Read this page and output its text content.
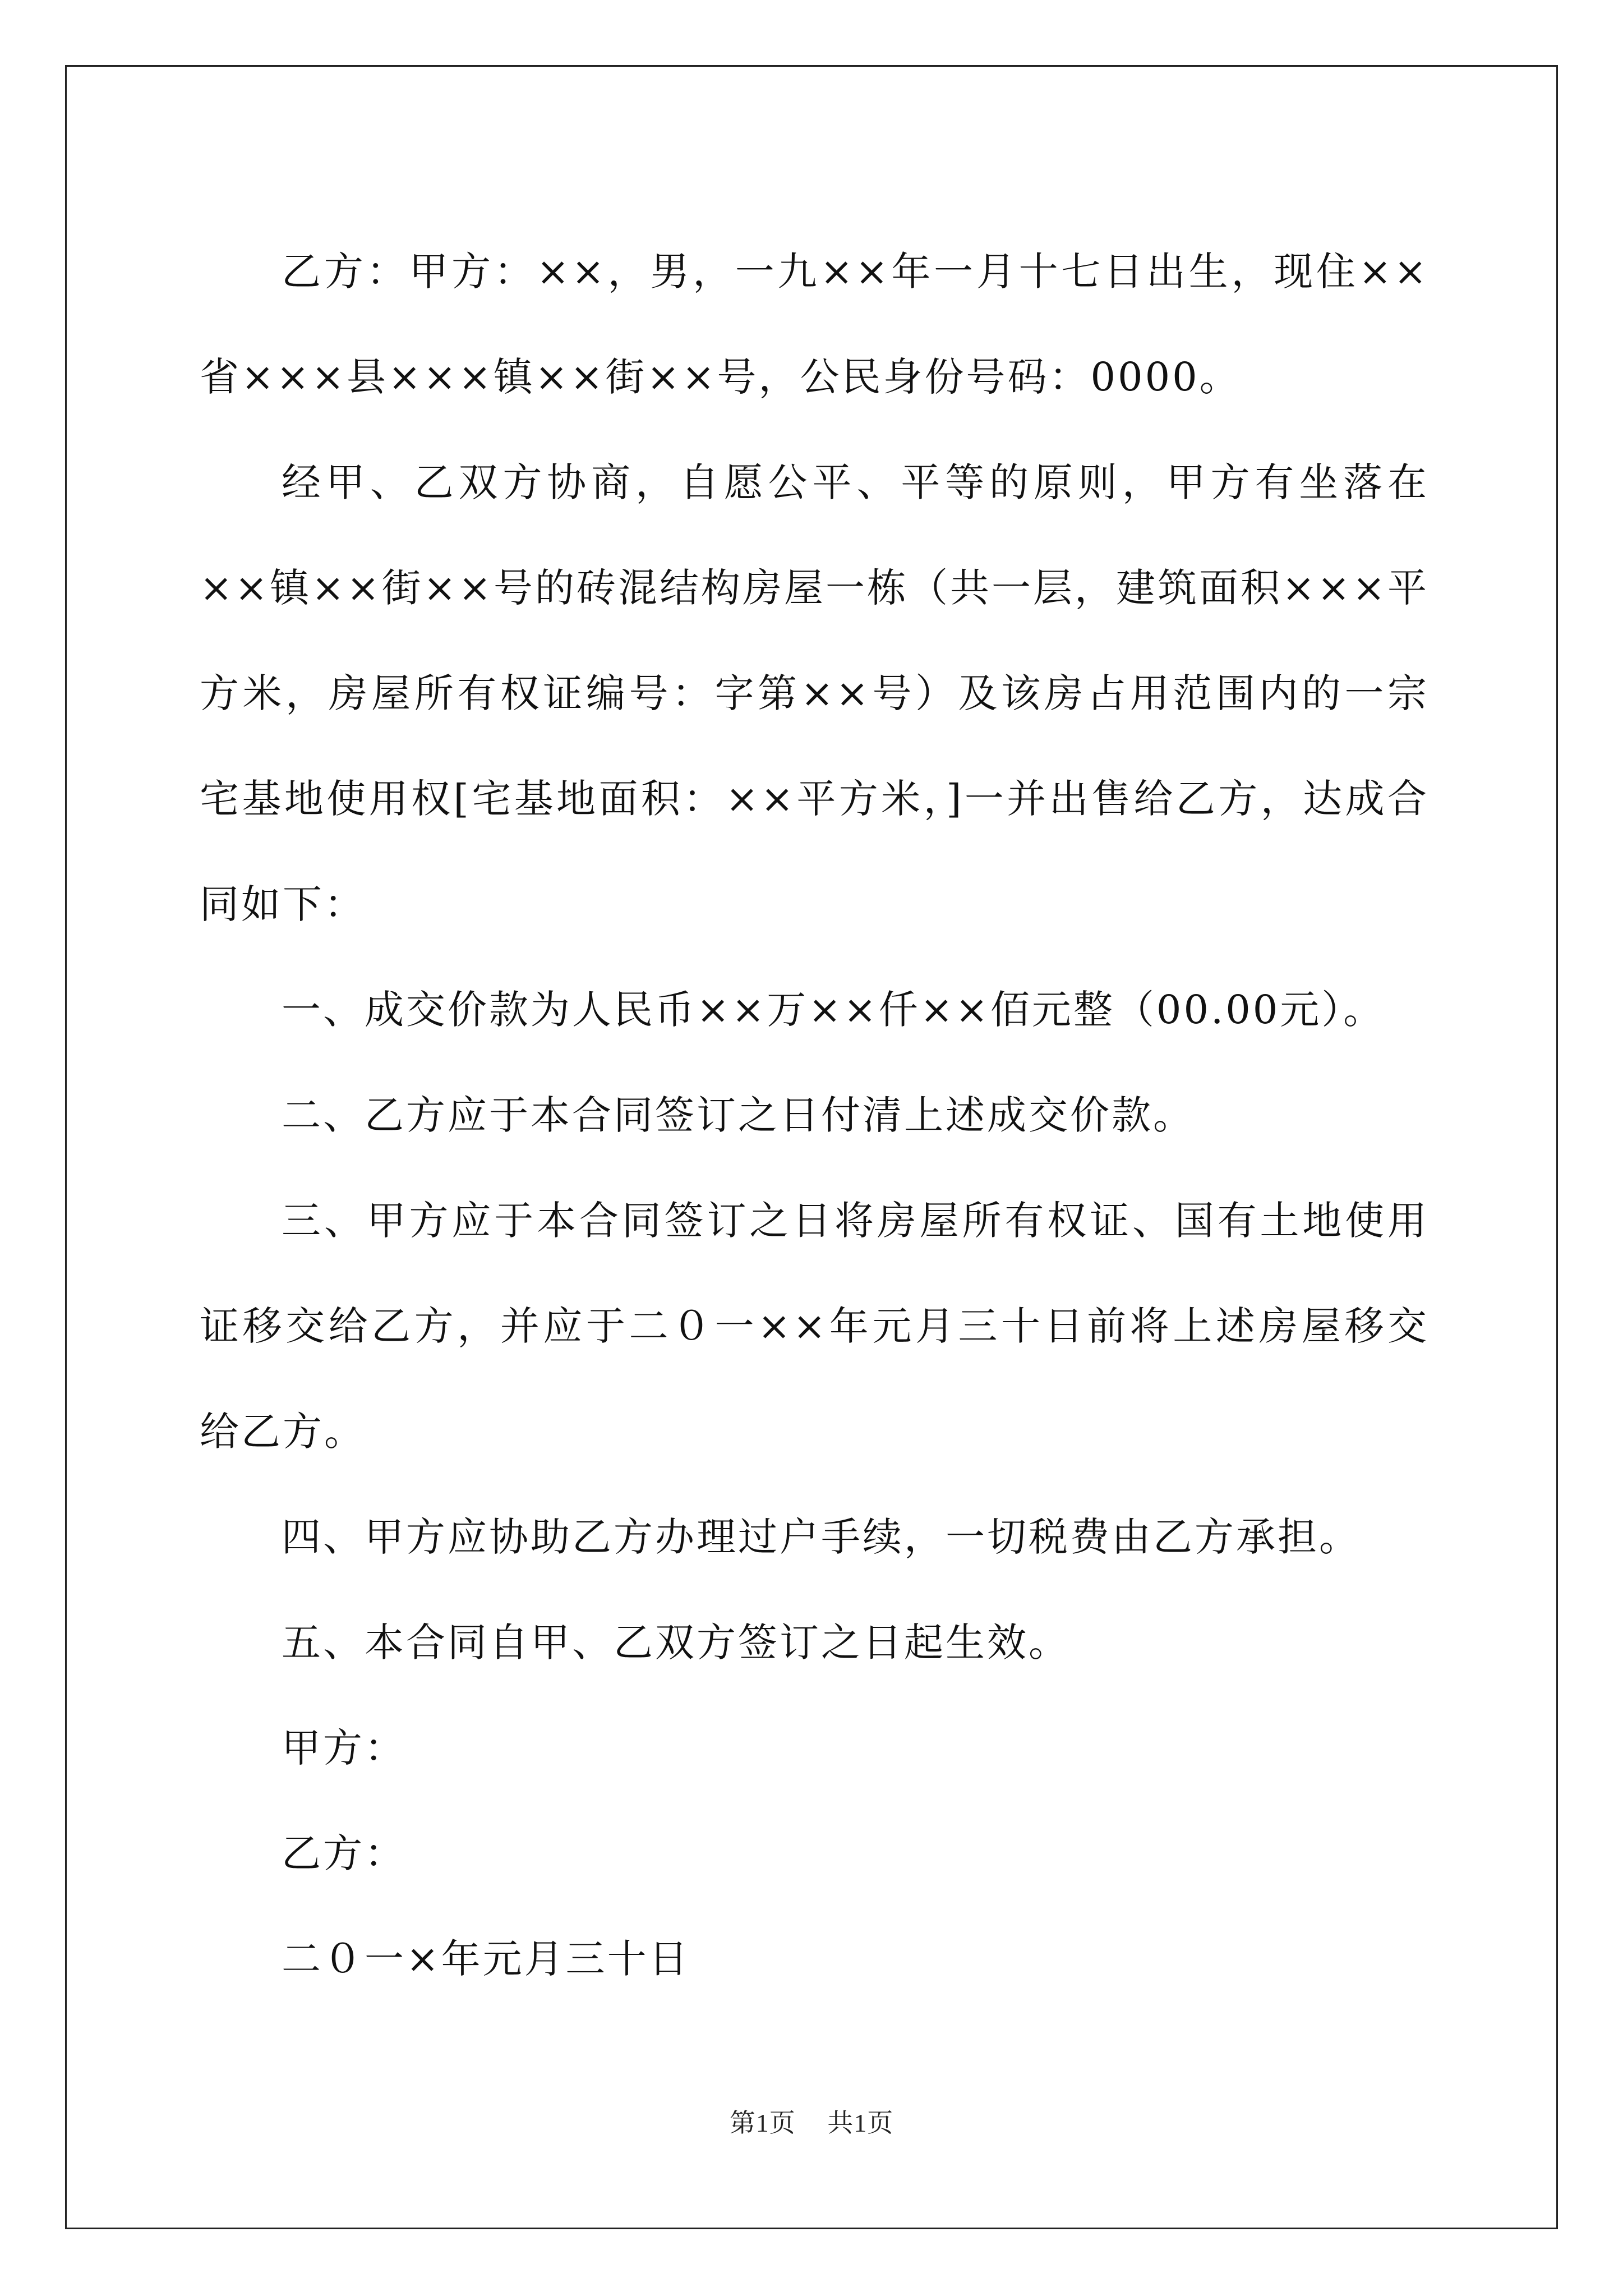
乙方：甲方：××，男，一九××年一月十七日出生，现住××省×××县×××镇××街××号，公民身份号码：0000。

经甲、乙双方协商，自愿公平、平等的原则，甲方有坐落在××镇××街××号的砖混结构房屋一栋（共一层，建筑面积×××平方米，房屋所有权证编号：字第××号）及该房占用范围内的一宗宅基地使用权[宅基地面积：××平方米，]一并出售给乙方，达成合同如下：

一、成交价款为人民币××万××仟××佰元整（00.00元）。

二、乙方应于本合同签订之日付清上述成交价款。

三、甲方应于本合同签订之日将房屋所有权证、国有土地使用证移交给乙方，并应于二０一××年元月三十日前将上述房屋移交给乙方。

四、甲方应协助乙方办理过户手续，一切税费由乙方承担。

五、本合同自甲、乙双方签订之日起生效。

甲方：

乙方：

二０一×年元月三十日

第1页 共1页
